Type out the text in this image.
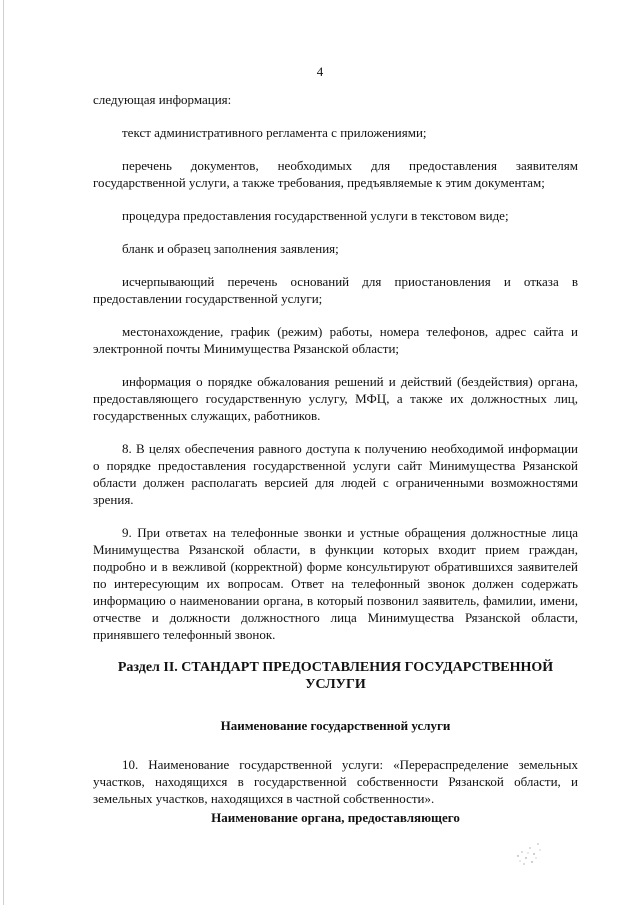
4

следующая информация:

текст административного регламента с приложениями;

перечень документов, необходимых для предоставления заявителям государственной услуги, а также требования, предъявляемые к этим документам;

процедура предоставления государственной услуги в текстовом виде;

бланк и образец заполнения заявления;

исчерпывающий перечень оснований для приостановления и отказа в предоставлении государственной услуги;

местонахождение, график (режим) работы, номера телефонов, адрес сайта и электронной почты Минимущества Рязанской области;

информация о порядке обжалования решений и действий (бездействия) органа, предоставляющего государственную услугу, МФЦ, а также их должностных лиц, государственных служащих, работников.

8. В целях обеспечения равного доступа к получению необходимой информации о порядке предоставления государственной услуги сайт Минимущества Рязанской области должен располагать версией для людей с ограниченными возможностями зрения.

9. При ответах на телефонные звонки и устные обращения должностные лица Минимущества Рязанской области, в функции которых входит прием граждан, подробно и в вежливой (корректной) форме консультируют обратившихся заявителей по интересующим их вопросам. Ответ на телефонный звонок должен содержать информацию о наименовании органа, в который позвонил заявитель, фамилии, имени, отчестве и должности должностного лица Минимущества Рязанской области, принявшего телефонный звонок.

Раздел II. СТАНДАРТ ПРЕДОСТАВЛЕНИЯ ГОСУДАРСТВЕННОЙ УСЛУГИ
Наименование государственной услуги

10. Наименование государственной услуги: «Перераспределение земельных участков, находящихся в государственной собственности Рязанской области, и земельных участков, находящихся в частной собственности».

Наименование органа, предоставляющего
